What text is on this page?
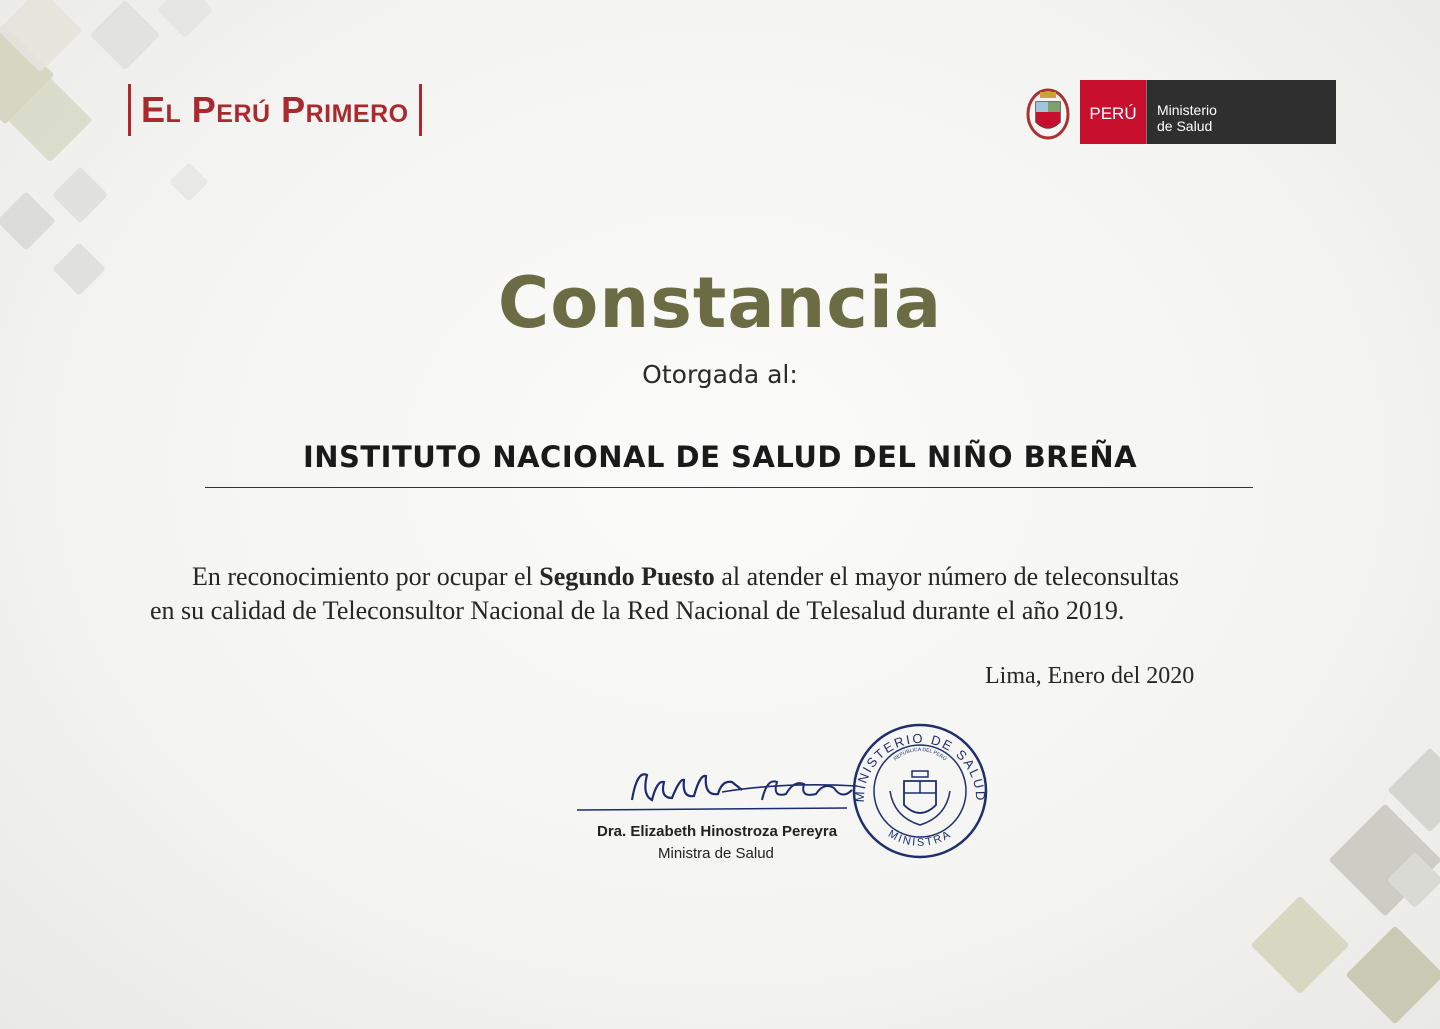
El Perú Primero	PERÚ	Ministerio
de Salud
Constancia
Otorgada al:
INSTITUTO NACIONAL DE SALUD DEL NIÑO BREÑA
En reconocimiento por ocupar el Segundo Puesto al atender el mayor número de teleconsultas
en su calidad de Teleconsultor Nacional de la Red Nacional de Telesalud durante el año 2019.
Lima, Enero del 2020
Dra. Elizabeth Hinostroza Pereyra
Ministra de Salud
MINISTERIO DE SALUD
MINISTRA
REPÚBLICA DEL PERÚ
